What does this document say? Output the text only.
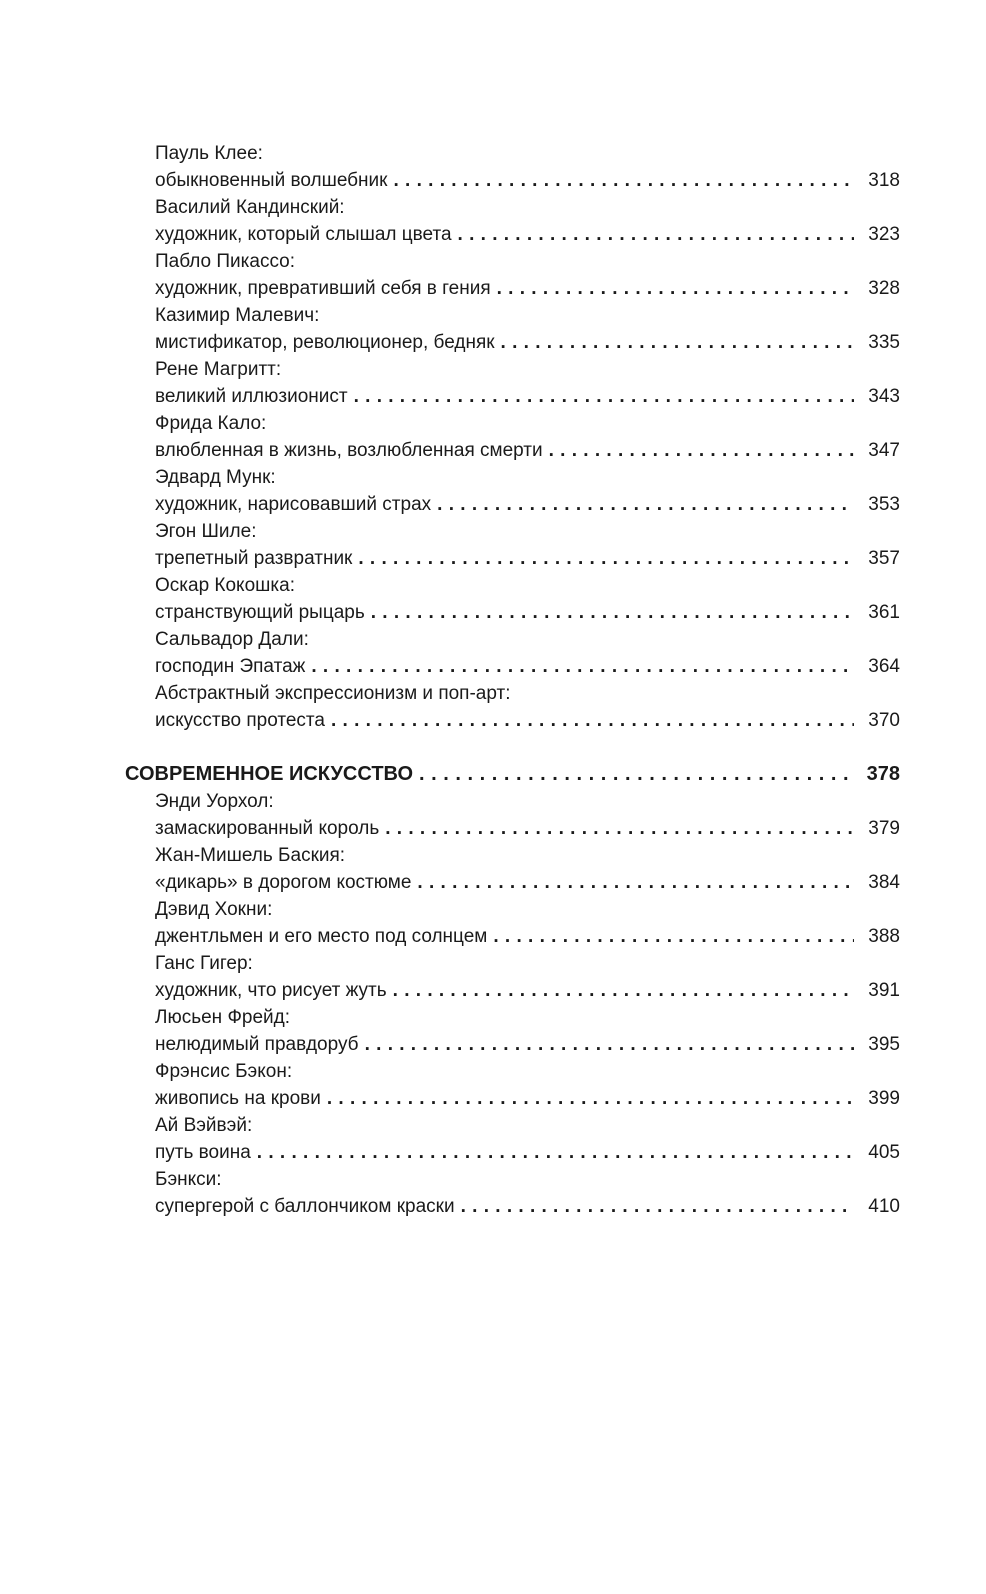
Пауль Клее:
обыкновенный волшебник . . .	318
Василий Кандинский:
художник, который слышал цвета . . .	323
Пабло Пикассо:
художник, превративший себя в гения . . .	328
Казимир Малевич:
мистификатор, революционер, бедняк . . .	335
Рене Магритт:
великий иллюзионист . . .	343
Фрида Кало:
влюбленная в жизнь, возлюбленная смерти . . .	347
Эдвард Мунк:
художник, нарисовавший страх . . .	353
Эгон Шиле:
трепетный развратник . . .	357
Оскар Кокошка:
странствующий рыцарь . . .	361
Сальвадор Дали:
господин Эпатаж . . .	364
Абстрактный экспрессионизм и поп-арт:
искусство протеста . . .	370
СОВРЕМЕННОЕ ИСКУССТВО . . .	378
Энди Уорхол:
замаскированный король . . .	379
Жан-Мишель Баския:
«дикарь» в дорогом костюме . . .	384
Дэвид Хокни:
джентльмен и его место под солнцем . . .	388
Ганс Гигер:
художник, что рисует жуть . . .	391
Люсьен Фрейд:
нелюдимый правдоруб . . .	395
Фрэнсис Бэкон:
живопись на крови . . .	399
Ай Вэйвэй:
путь воина . . .	405
Бэнкси:
супергерой с баллончиком краски . . .	410
